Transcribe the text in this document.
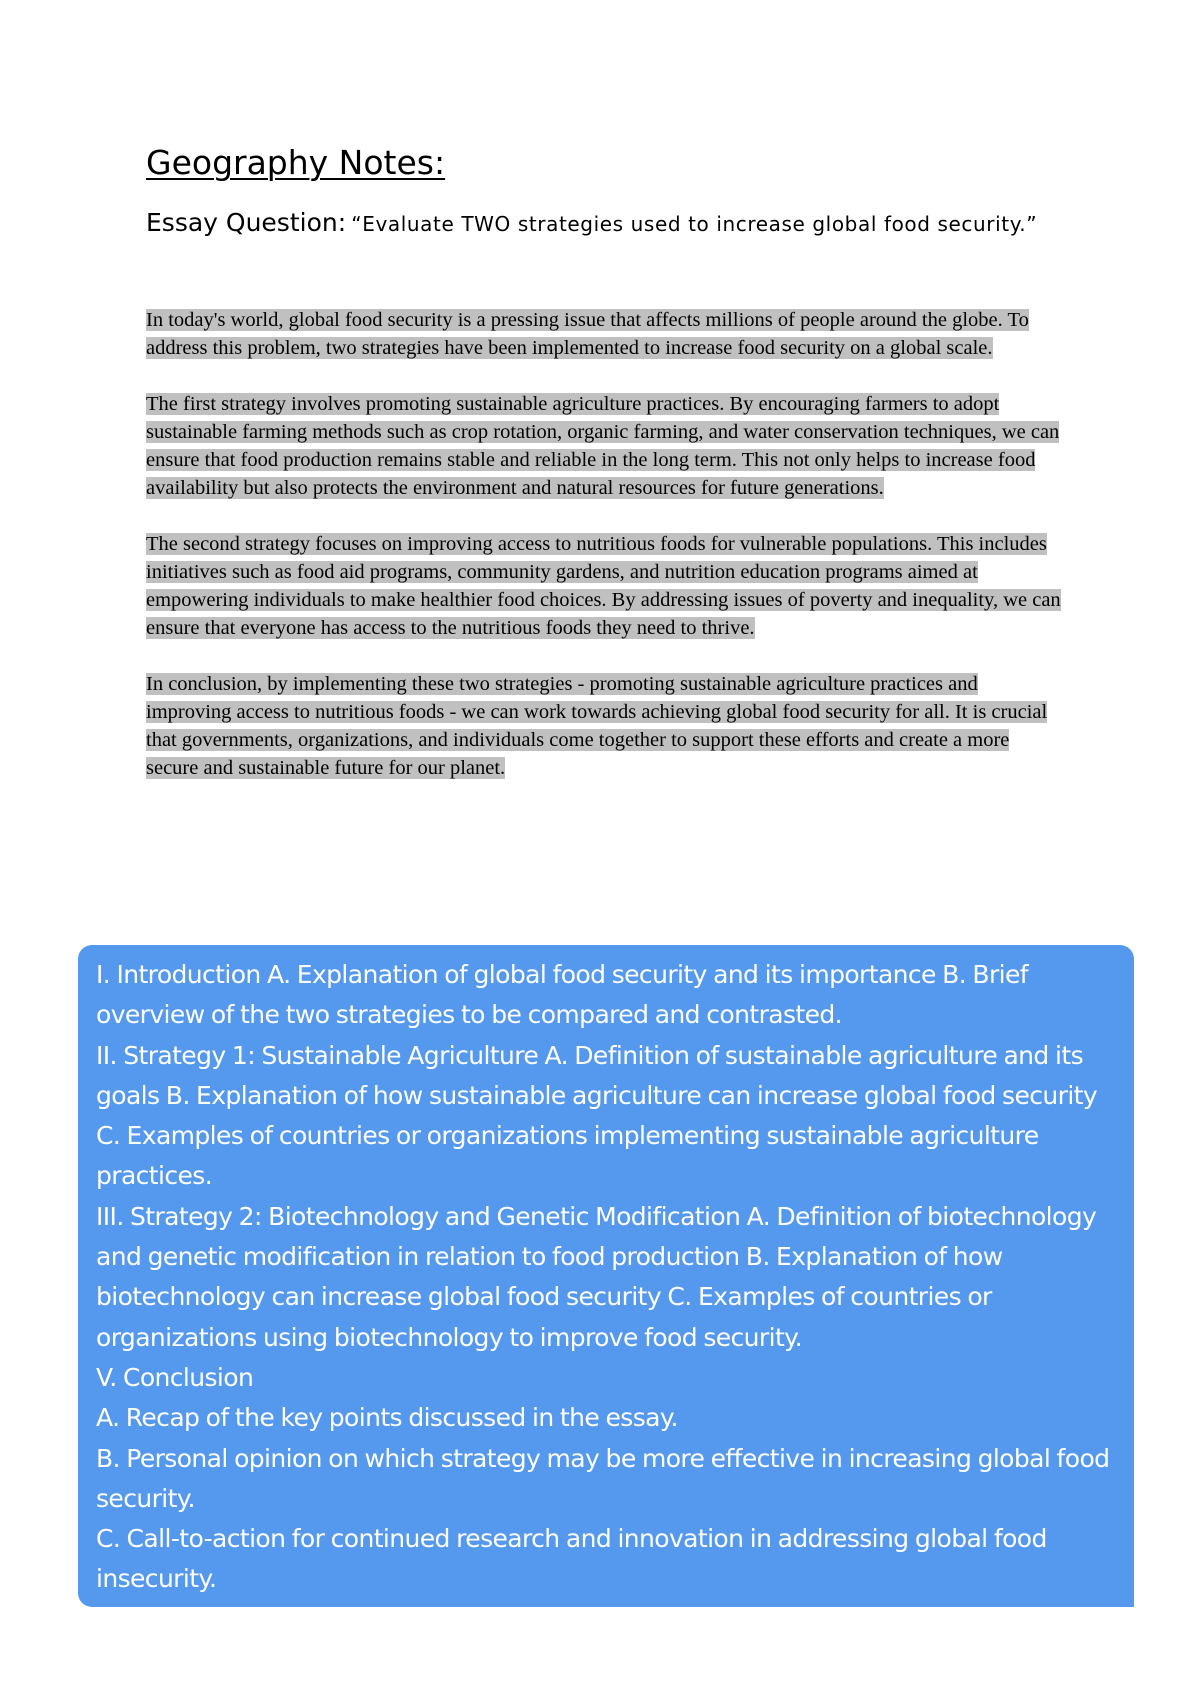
Geography Notes:
Essay Question: “Evaluate TWO strategies used to increase global food security.”

In today's world, global food security is a pressing issue that affects millions of people around the globe. To address this problem, two strategies have been implemented to increase food security on a global scale.

The first strategy involves promoting sustainable agriculture practices. By encouraging farmers to adopt sustainable farming methods such as crop rotation, organic farming, and water conservation techniques, we can ensure that food production remains stable and reliable in the long term. This not only helps to increase food availability but also protects the environment and natural resources for future generations.

The second strategy focuses on improving access to nutritious foods for vulnerable populations. This includes initiatives such as food aid programs, community gardens, and nutrition education programs aimed at empowering individuals to make healthier food choices. By addressing issues of poverty and inequality, we can ensure that everyone has access to the nutritious foods they need to thrive.

In conclusion, by implementing these two strategies - promoting sustainable agriculture practices and improving access to nutritious foods - we can work towards achieving global food security for all. It is crucial that governments, organizations, and individuals come together to support these efforts and create a more secure and sustainable future for our planet.

I. Introduction A. Explanation of global food security and its importance B. Brief overview of the two strategies to be compared and contrasted.
II. Strategy 1: Sustainable Agriculture A. Definition of sustainable agriculture and its goals B. Explanation of how sustainable agriculture can increase global food security C. Examples of countries or organizations implementing sustainable agriculture practices.
III. Strategy 2: Biotechnology and Genetic Modification A. Definition of biotechnology and genetic modification in relation to food production B. Explanation of how biotechnology can increase global food security C. Examples of countries or organizations using biotechnology to improve food security.
V. Conclusion
A. Recap of the key points discussed in the essay.
B. Personal opinion on which strategy may be more effective in increasing global food security.
C. Call-to-action for continued research and innovation in addressing global food insecurity.
